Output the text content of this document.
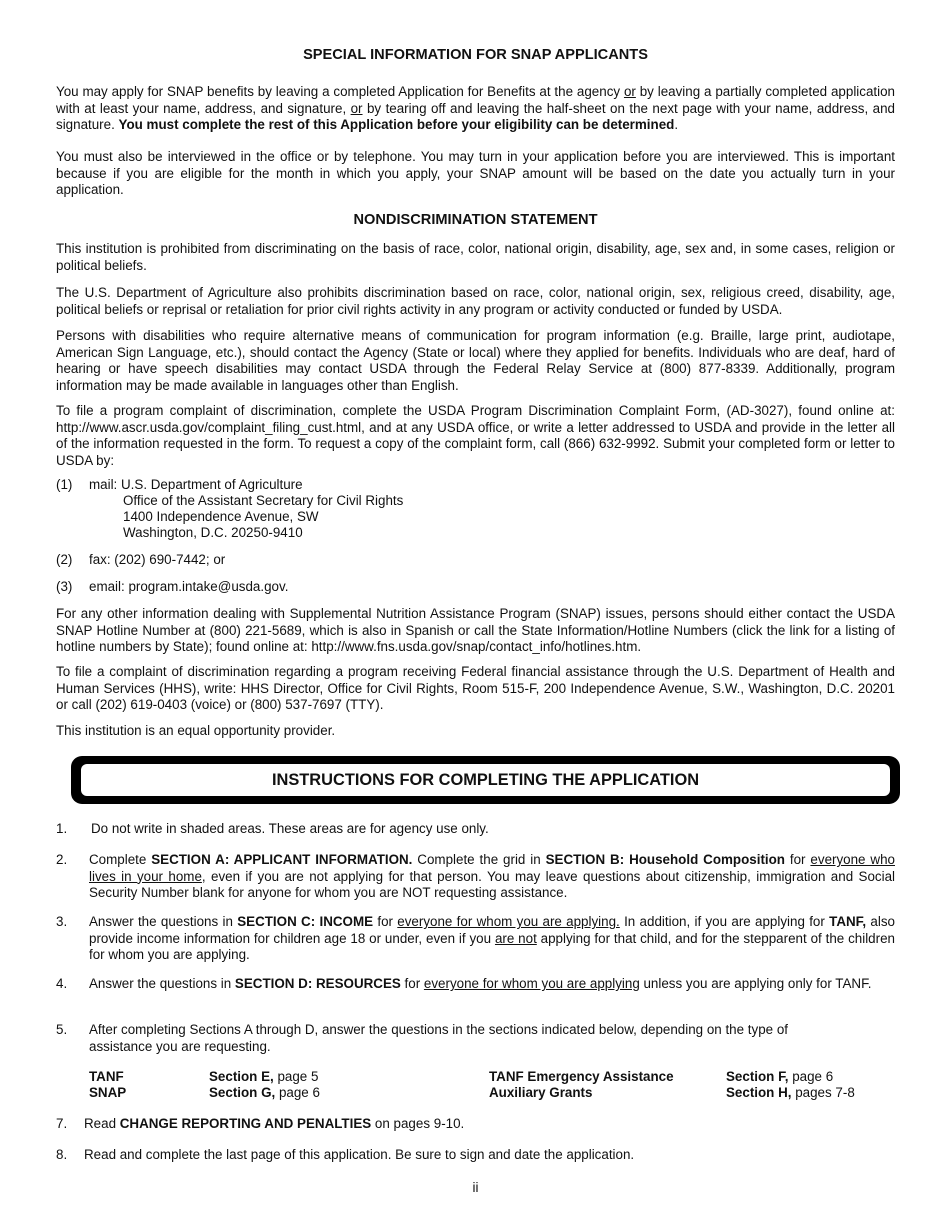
SPECIAL INFORMATION FOR SNAP APPLICANTS

You may apply for SNAP benefits by leaving a completed Application for Benefits at the agency or by leaving a partially completed application with at least your name, address, and signature, or by tearing off and leaving the half-sheet on the next page with your name, address, and signature. You must complete the rest of this Application before your eligibility can be determined.

You must also be interviewed in the office or by telephone. You may turn in your application before you are interviewed. This is important because if you are eligible for the month in which you apply, your SNAP amount will be based on the date you actually turn in your application.

NONDISCRIMINATION STATEMENT

This institution is prohibited from discriminating on the basis of race, color, national origin, disability, age, sex and, in some cases, religion or political beliefs.

The U.S. Department of Agriculture also prohibits discrimination based on race, color, national origin, sex, religious creed, disability, age, political beliefs or reprisal or retaliation for prior civil rights activity in any program or activity conducted or funded by USDA.

Persons with disabilities who require alternative means of communication for program information (e.g. Braille, large print, audiotape, American Sign Language, etc.), should contact the Agency (State or local) where they applied for benefits. Individuals who are deaf, hard of hearing or have speech disabilities may contact USDA through the Federal Relay Service at (800) 877-8339. Additionally, program information may be made available in languages other than English.

To file a program complaint of discrimination, complete the USDA Program Discrimination Complaint Form, (AD-3027), found online at: http://www.ascr.usda.gov/complaint_filing_cust.html, and at any USDA office, or write a letter addressed to USDA and provide in the letter all of the information requested in the form. To request a copy of the complaint form, call (866) 632-9992. Submit your completed form or letter to USDA by:

(1) mail: U.S. Department of Agriculture
Office of the Assistant Secretary for Civil Rights
1400 Independence Avenue, SW
Washington, D.C. 20250-9410
(2) fax: (202) 690-7442; or
(3) email: program.intake@usda.gov.

For any other information dealing with Supplemental Nutrition Assistance Program (SNAP) issues, persons should either contact the USDA SNAP Hotline Number at (800) 221-5689, which is also in Spanish or call the State Information/Hotline Numbers (click the link for a listing of hotline numbers by State); found online at: http://www.fns.usda.gov/snap/contact_info/hotlines.htm.

To file a complaint of discrimination regarding a program receiving Federal financial assistance through the U.S. Department of Health and Human Services (HHS), write: HHS Director, Office for Civil Rights, Room 515-F, 200 Independence Avenue, S.W., Washington, D.C. 20201 or call (202) 619-0403 (voice) or (800) 537-7697 (TTY).

This institution is an equal opportunity provider.

INSTRUCTIONS FOR COMPLETING THE APPLICATION
1. Do not write in shaded areas. These areas are for agency use only.

2. Complete SECTION A: APPLICANT INFORMATION. Complete the grid in SECTION B: Household Composition for everyone who lives in your home, even if you are not applying for that person. You may leave questions about citizenship, immigration and Social Security Number blank for anyone for whom you are NOT requesting assistance.

3. Answer the questions in SECTION C: INCOME for everyone for whom you are applying. In addition, if you are applying for TANF, also provide income information for children age 18 or under, even if you are not applying for that child, and for the stepparent of the children for whom you are applying.

4. Answer the questions in SECTION D: RESOURCES for everyone for whom you are applying unless you are applying only for TANF.

5. After completing Sections A through D, answer the questions in the sections indicated below, depending on the type of assistance you are requesting.

TANF	Section E, page 5	TANF Emergency Assistance	Section F, page 6
SNAP	Section G, page 6	Auxiliary Grants	Section H, pages 7-8
7. Read CHANGE REPORTING AND PENALTIES on pages 9-10.

8. Read and complete the last page of this application. Be sure to sign and date the application.

ii
